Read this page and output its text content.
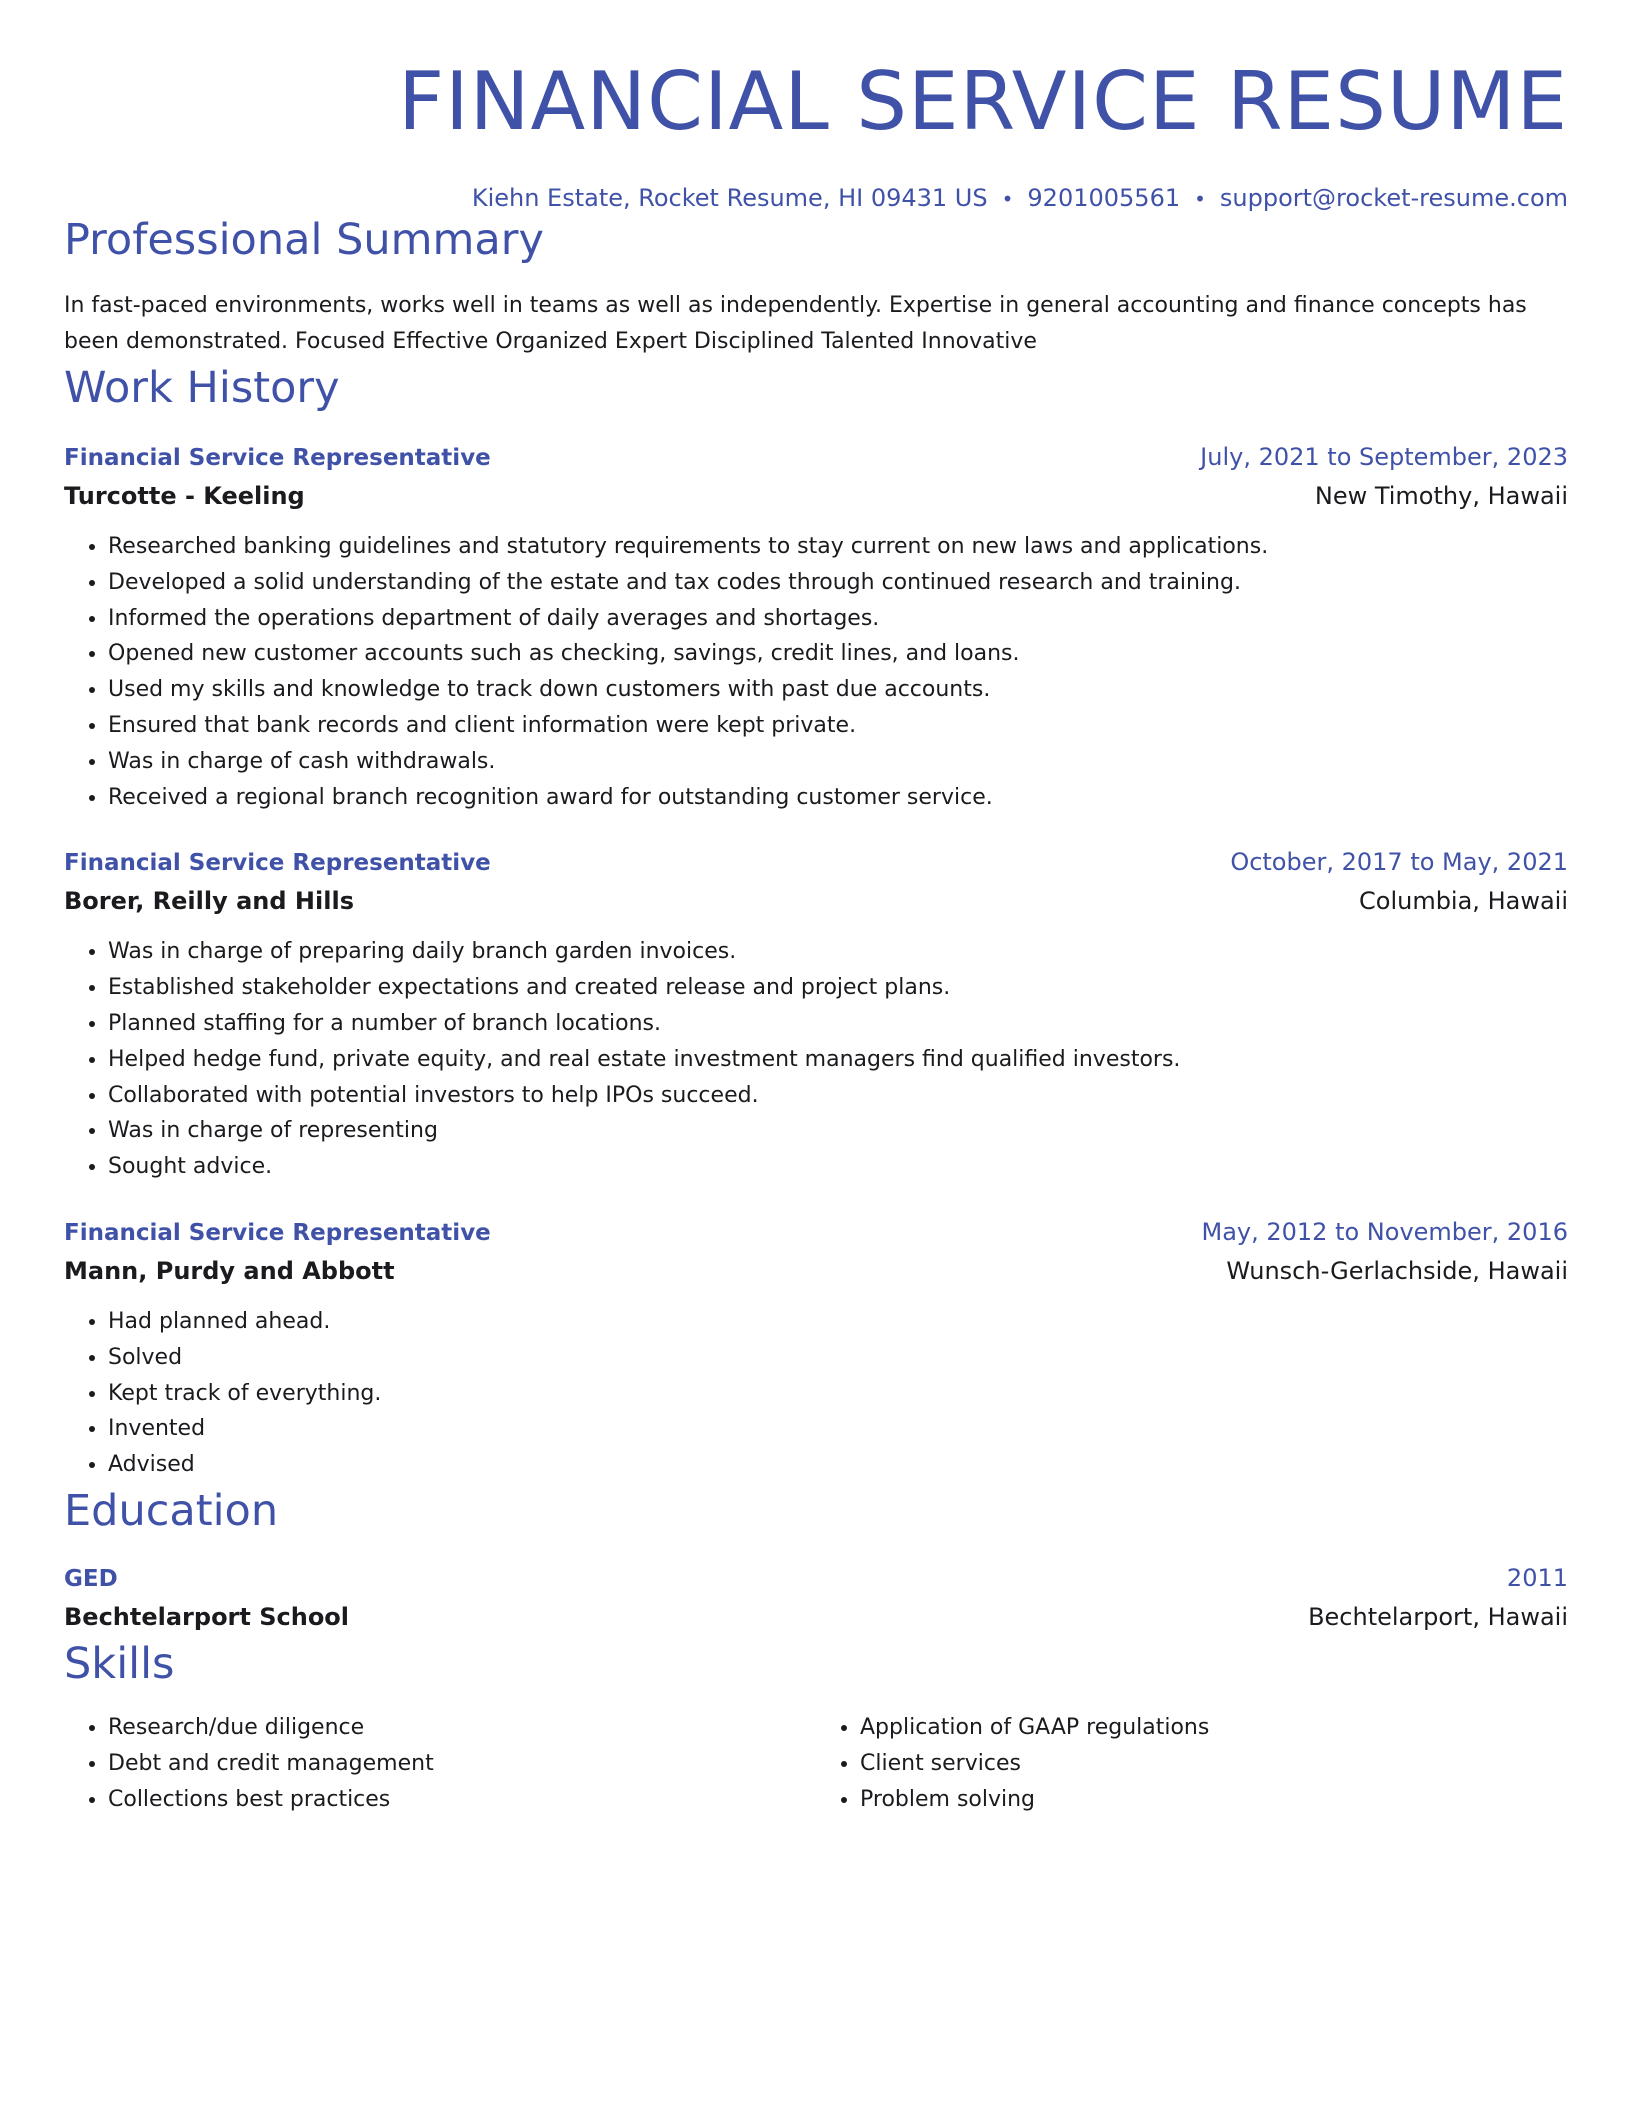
FINANCIAL SERVICE RESUME
Kiehn Estate, Rocket Resume, HI 09431 US • 9201005561 • support@rocket-resume.com
Professional Summary
In fast-paced environments, works well in teams as well as independently. Expertise in general accounting and finance concepts has been demonstrated. Focused Effective Organized Expert Disciplined Talented Innovative
Work History
Financial Service Representative	July, 2021 to September, 2023
Turcotte - Keeling	New Timothy, Hawaii
• Researched banking guidelines and statutory requirements to stay current on new laws and applications.
• Developed a solid understanding of the estate and tax codes through continued research and training.
• Informed the operations department of daily averages and shortages.
• Opened new customer accounts such as checking, savings, credit lines, and loans.
• Used my skills and knowledge to track down customers with past due accounts.
• Ensured that bank records and client information were kept private.
• Was in charge of cash withdrawals.
• Received a regional branch recognition award for outstanding customer service.
Financial Service Representative	October, 2017 to May, 2021
Borer, Reilly and Hills	Columbia, Hawaii
• Was in charge of preparing daily branch garden invoices.
• Established stakeholder expectations and created release and project plans.
• Planned staffing for a number of branch locations.
• Helped hedge fund, private equity, and real estate investment managers find qualified investors.
• Collaborated with potential investors to help IPOs succeed.
• Was in charge of representing
• Sought advice.
Financial Service Representative	May, 2012 to November, 2016
Mann, Purdy and Abbott	Wunsch-Gerlachside, Hawaii
• Had planned ahead.
• Solved
• Kept track of everything.
• Invented
• Advised
Education
GED	2011
Bechtelarport School	Bechtelarport, Hawaii
Skills
• Research/due diligence
• Debt and credit management
• Collections best practices
• Application of GAAP regulations
• Client services
• Problem solving
